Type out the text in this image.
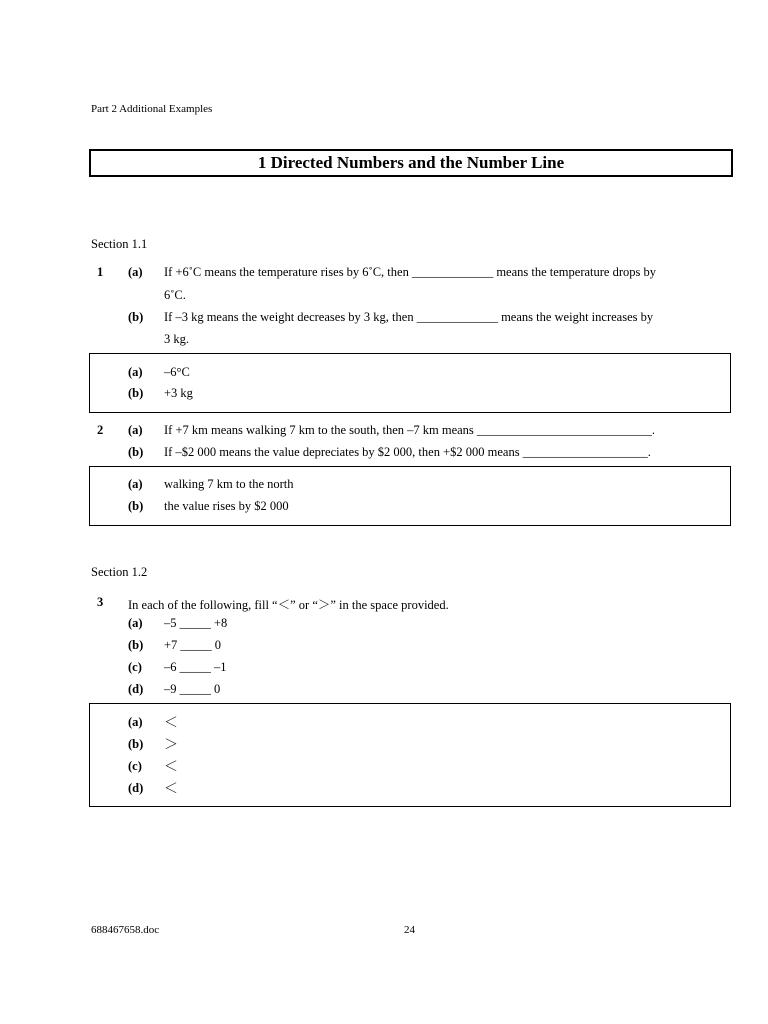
Part 2 Additional Examples
1 Directed Numbers and the Number Line
Section 1.1
1 (a) If +6˚C means the temperature rises by 6˚C, then _____________ means the temperature drops by
6˚C.
(b) If –3 kg means the weight decreases by 3 kg, then _____________ means the weight increases by
3 kg.
(a) –6°C
(b) +3 kg
2 (a) If +7 km means walking 7 km to the south, then –7 km means ____________________________.
(b) If –$2 000 means the value depreciates by $2 000, then +$2 000 means ____________________.
(a) walking 7 km to the north
(b) the value rises by $2 000
Section 1.2
3 In each of the following, fill “＜” or “＞” in the space provided.
(a) –5 _____ +8
(b) +7 _____ 0
(c) –6 _____ –1
(d) –9 _____ 0
(a) ＜
(b) ＞
(c) ＜
(d) ＜
688467658.doc	24
